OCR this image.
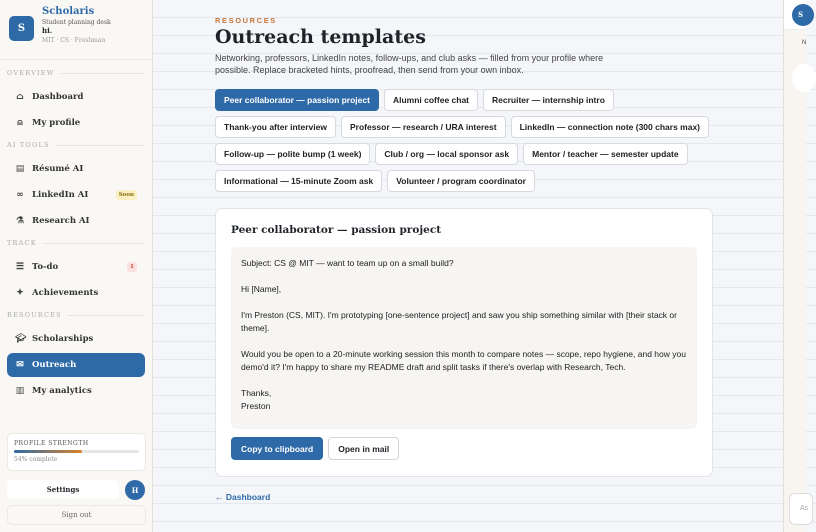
S
Scholaris
Student planning desk
hi.
MIT · CS · Freshman
OVERVIEW
⌂ Dashboard
⍝ My profile
AI TOOLS
▤ Résumé AI
∞ LinkedIn AI	Soon
⚗ Research AI
TRACK
☰ To-do	1
✦ Achievements
RESOURCES
🎓︎ Scholarships
✉ Outreach
▥ My analytics
PROFILE STRENGTH
54% complete
Settings	H
Sign out
RESOURCES
Outreach templates
Networking, professors, LinkedIn notes, follow-ups, and club asks — filled from your profile where possible. Replace bracketed hints, proofread, then send from your own inbox.
Peer collaborator — passion project	Alumni coffee chat	Recruiter — internship intro
Thank-you after interview	Professor — research / URA interest	LinkedIn — connection note (300 chars max)
Follow-up — polite bump (1 week)	Club / org — local sponsor ask	Mentor / teacher — semester update
Informational — 15-minute Zoom ask	Volunteer / program coordinator
Peer collaborator — passion project

Subject: CS @ MIT — want to team up on a small build?

Hi [Name],

I'm Preston (CS, MIT). I'm prototyping [one-sentence project] and saw you ship something similar with [their stack or theme].

Would you be open to a 20-minute working session this month to compare notes — scope, repo hygiene, and how you demo'd it? I'm happy to share my README draft and split tasks if there's overlap with Research, Tech.

Thanks,
Preston
Copy to clipboard	Open in mail
← Dashboard
S
N
As
